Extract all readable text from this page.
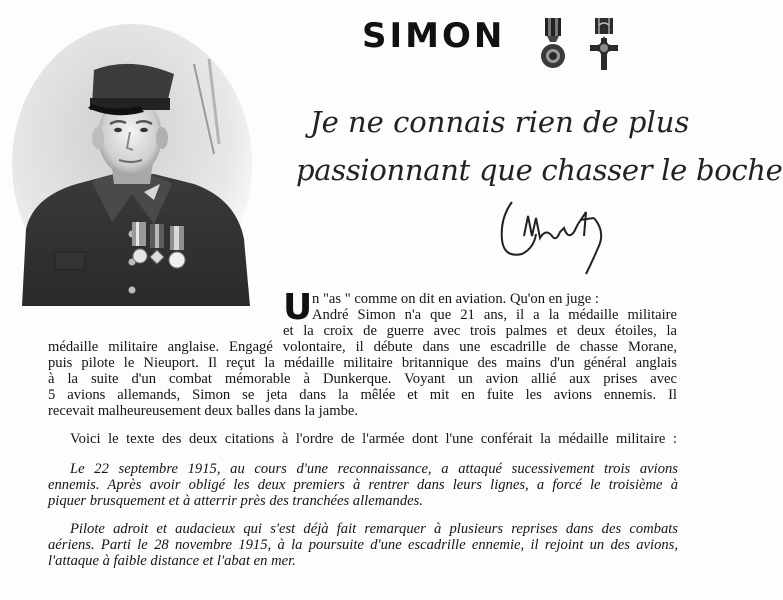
SIMON
Je ne connais rien de plus
passionnant que chasser le boche
U n "as " comme on dit en aviation. Qu'on en juge :
André Simon n'a que 21 ans, il a la médaille militaire
et la croix de guerre avec trois palmes et deux étoiles, la
médaille militaire anglaise. Engagé volontaire, il débute dans une escadrille de chasse Morane,
puis pilote le Nieuport. Il reçut la médaille militaire britannique des mains d'un général anglais
à la suite d'un combat mémorable à Dunkerque. Voyant un avion allié aux prises avec
5 avions allemands, Simon se jeta dans la mêlée et mit en fuite les avions ennemis. Il
recevait malheureusement deux balles dans la jambe.
Voici le texte des deux citations à l'ordre de l'armée dont l'une conférait la médaille militaire :
Le 22 septembre 1915, au cours d'une reconnaissance, a attaqué sucessivement trois avions
ennemis. Après avoir obligé les deux premiers à rentrer dans leurs lignes, a forcé le troisième à
piquer brusquement et à atterrir près des tranchées allemandes.
Pilote adroit et audacieux qui s'est déjà fait remarquer à plusieurs reprises dans des combats
aériens. Parti le 28 novembre 1915, à la poursuite d'une escadrille ennemie, il rejoint un des avions,
l'attaque à faible distance et l'abat en mer.
